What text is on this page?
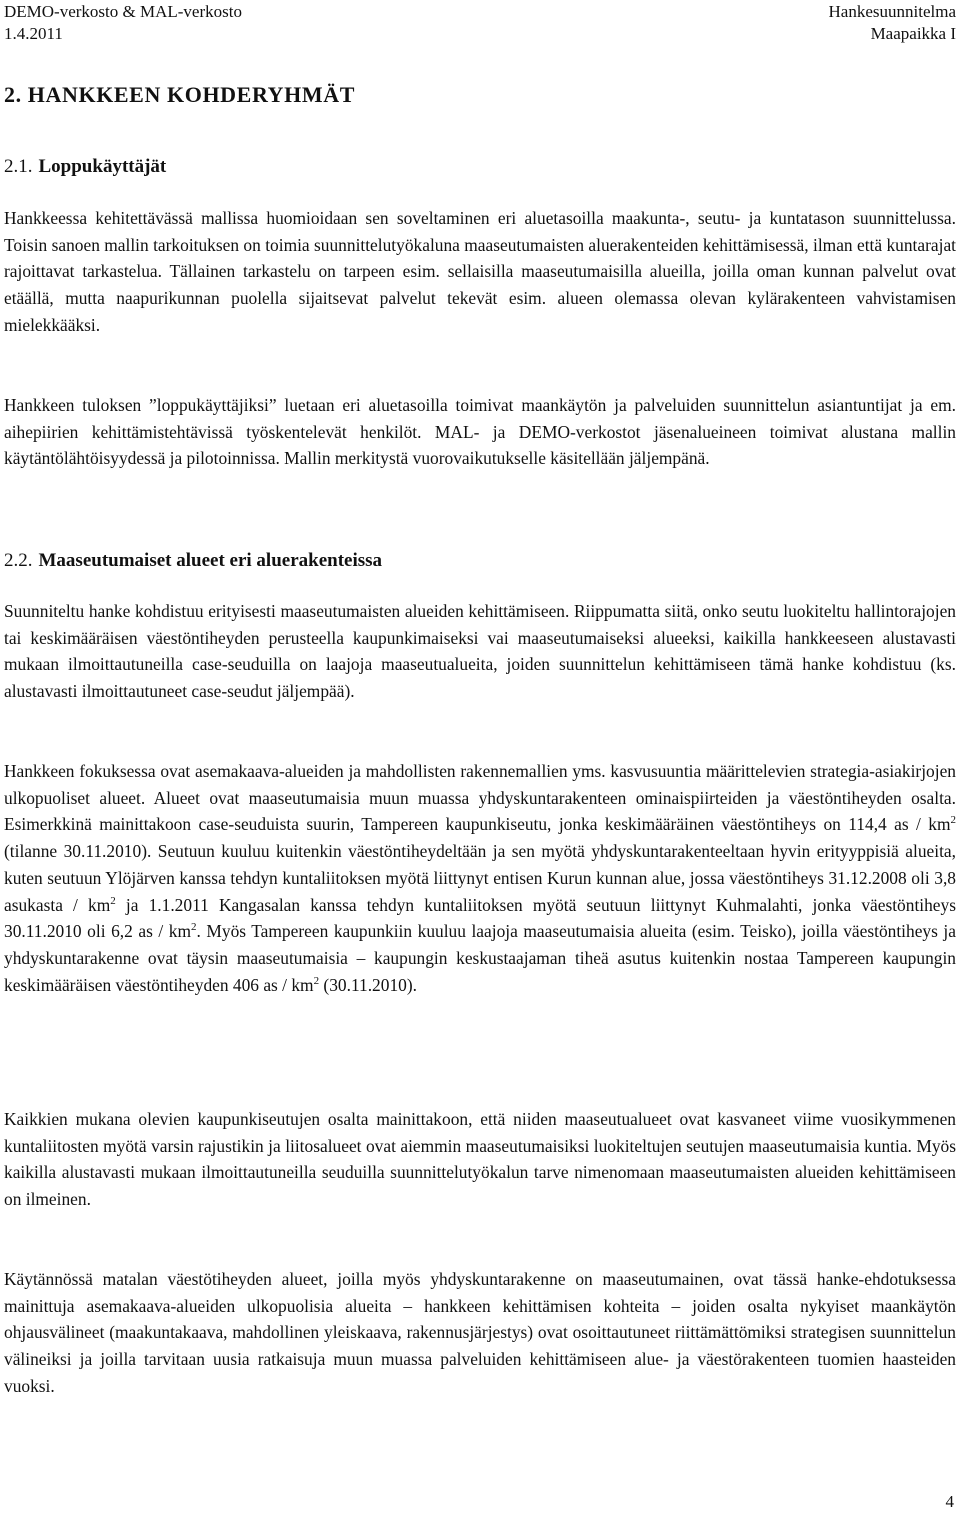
DEMO-verkosto & MAL-verkosto	Hankesuunnitelma
1.4.2011	Maapaikka I
2. HANKKEEN KOHDERYHMÄT
2.1. Loppukäyttäjät

Hankkeessa kehitettävässä mallissa huomioidaan sen soveltaminen eri aluetasoilla maakunta-, seutu- ja kuntatason suunnittelussa. Toisin sanoen mallin tarkoituksen on toimia suunnittelutyökaluna maaseutumaisten aluerakenteiden kehittämisessä, ilman että kuntarajat rajoittavat tarkastelua. Tällainen tarkastelu on tarpeen esim. sellaisilla maaseutumaisilla alueilla, joilla oman kunnan palvelut ovat etäällä, mutta naapurikunnan puolella sijaitsevat palvelut tekevät esim. alueen olemassa olevan kylärakenteen vahvistamisen mielekkääksi.

Hankkeen tuloksen ”loppukäyttäjiksi” luetaan eri aluetasoilla toimivat maankäytön ja palveluiden suunnittelun asiantuntijat ja em. aihepiirien kehittämistehtävissä työskentelevät henkilöt. MAL- ja DEMO-verkostot jäsenalueineen toimivat alustana mallin käytäntölähtöisyydessä ja pilotoinnissa. Mallin merkitystä vuorovaikutukselle käsitellään jäljempänä.

2.2. Maaseutumaiset alueet eri aluerakenteissa

Suunniteltu hanke kohdistuu erityisesti maaseutumaisten alueiden kehittämiseen. Riippumatta siitä, onko seutu luokiteltu hallintorajojen tai keskimääräisen väestöntiheyden perusteella kaupunkimaiseksi vai maaseutumaiseksi alueeksi, kaikilla hankkeeseen alustavasti mukaan ilmoittautuneilla case-seuduilla on laajoja maaseutualueita, joiden suunnittelun kehittämiseen tämä hanke kohdistuu (ks. alustavasti ilmoittautuneet case-seudut jäljempää).

Hankkeen fokuksessa ovat asemakaava-alueiden ja mahdollisten rakennemallien yms. kasvusuuntia määrittelevien strategia-asiakirjojen ulkopuoliset alueet. Alueet ovat maaseutumaisia muun muassa yhdyskuntarakenteen ominaispiirteiden ja väestöntiheyden osalta. Esimerkkinä mainittakoon case-seuduista suurin, Tampereen kaupunkiseutu, jonka keskimääräinen väestöntiheys on 114,4 as / $km^2$ (tilanne 30.11.2010). Seutuun kuuluu kuitenkin väestöntiheydeltään ja sen myötä yhdyskuntarakenteeltaan hyvin erityyppisiä alueita, kuten seutuun Ylöjärven kanssa tehdyn kuntaliitoksen myötä liittynyt entisen Kurun kunnan alue, jossa väestöntiheys 31.12.2008 oli 3,8 asukasta / $km^2$ ja 1.1.2011 Kangasalan kanssa tehdyn kuntaliitoksen myötä seutuun liittynyt Kuhmalahti, jonka väestöntiheys 30.11.2010 oli 6,2 as / $km^2$. Myös Tampereen kaupunkiin kuuluu laajoja maaseutumaisia alueita (esim. Teisko), joilla väestöntiheys ja yhdyskuntarakenne ovat täysin maaseutumaisia – kaupungin keskustaajaman tiheä asutus kuitenkin nostaa Tampereen kaupungin keskimääräisen väestöntiheyden 406 as / $km^2$ (30.11.2010).

Kaikkien mukana olevien kaupunkiseutujen osalta mainittakoon, että niiden maaseutualueet ovat kasvaneet viime vuosikymmenen kuntaliitosten myötä varsin rajustikin ja liitosalueet ovat aiemmin maaseutumaisiksi luokiteltujen seutujen maaseutumaisia kuntia. Myös kaikilla alustavasti mukaan ilmoittautuneilla seuduilla suunnittelutyökalun tarve nimenomaan maaseutumaisten alueiden kehittämiseen on ilmeinen.

Käytännössä matalan väestötiheyden alueet, joilla myös yhdyskuntarakenne on maaseutumainen, ovat tässä hanke-ehdotuksessa mainittuja asemakaava-alueiden ulkopuolisia alueita – hankkeen kehittämisen kohteita – joiden osalta nykyiset maankäytön ohjausvälineet (maakuntakaava, mahdollinen yleiskaava, rakennusjärjestys) ovat osoittautuneet riittämättömiksi strategisen suunnittelun välineiksi ja joilla tarvitaan uusia ratkaisuja muun muassa palveluiden kehittämiseen alue- ja väestörakenteen tuomien haasteiden vuoksi.

4
